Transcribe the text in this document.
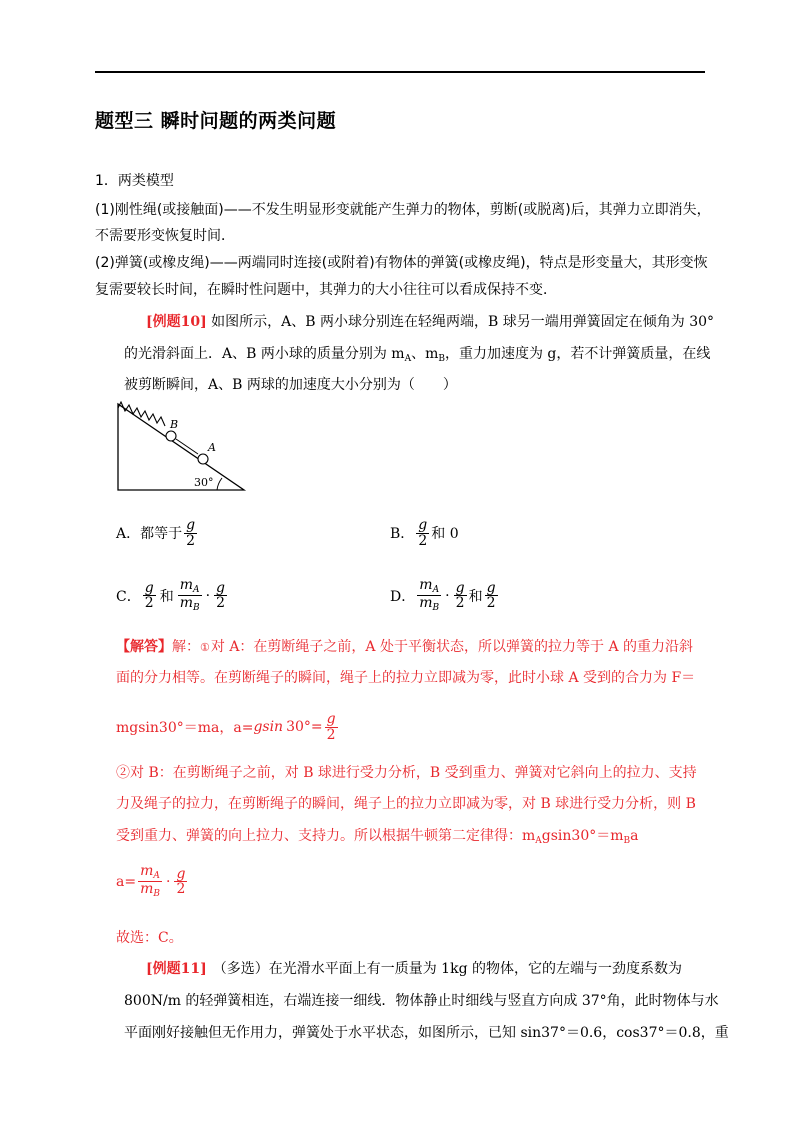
题型三 瞬时问题的两类问题
1．两类模型
(1)刚性绳(或接触面)——不发生明显形变就能产生弹力的物体，剪断(或脱离)后，其弹力立即消失，
不需要形变恢复时间．
(2)弹簧(或橡皮绳)——两端同时连接(或附着)有物体的弹簧(或橡皮绳)，特点是形变量大，其形变恢
复需要较长时间，在瞬时性问题中，其弹力的大小往往可以看成保持不变．
[例题10] 如图所示，A、B 两小球分别连在轻绳两端，B 球另一端用弹簧固定在倾角为 30°
的光滑斜面上．A、B 两小球的质量分别为 $m_A$、$m_B$，重力加速度为 g，若不计弹簧质量，在线
被剪断瞬间，A、B 两球的加速度大小分别为（　　）
B
A
30°
A．都等于 $\frac{g}{2}$	B． $\frac{g}{2}$ 和 0
C． $\frac{g}{2}$ 和 $\frac{m_A}{m_B} \cdot \frac{g}{2}$	D． $\frac{m_A}{m_B} \cdot \frac{g}{2}$ 和 $\frac{g}{2}$
【解答】解：①对 A：在剪断绳子之前，A 处于平衡状态，所以弹簧的拉力等于 A 的重力沿斜
面的分力相等。在剪断绳子的瞬间，绳子上的拉力立即减为零，此时小球 A 受到的合力为 F＝
mgsin30°＝ma，a= gsin $30^\circ= \frac{g}{2}$
②对 B：在剪断绳子之前，对 B 球进行受力分析，B 受到重力、弹簧对它斜向上的拉力、支持
力及绳子的拉力，在剪断绳子的瞬间，绳子上的拉力立即减为零，对 B 球进行受力分析，则 B
受到重力、弹簧的向上拉力、支持力。所以根据牛顿第二定律得：$m_Agsin30^\circ=m_Ba$
$a= \frac{m_A}{m_B} \cdot \frac{g}{2}$
故选：C。
[例题11] （多选）在光滑水平面上有一质量为 1kg 的物体，它的左端与一劲度系数为
800N/m 的轻弹簧相连，右端连接一细线．物体静止时细线与竖直方向成 37°角，此时物体与水
平面刚好接触但无作用力，弹簧处于水平状态，如图所示，已知 sin37°＝0.6，cos37°＝0.8，重
